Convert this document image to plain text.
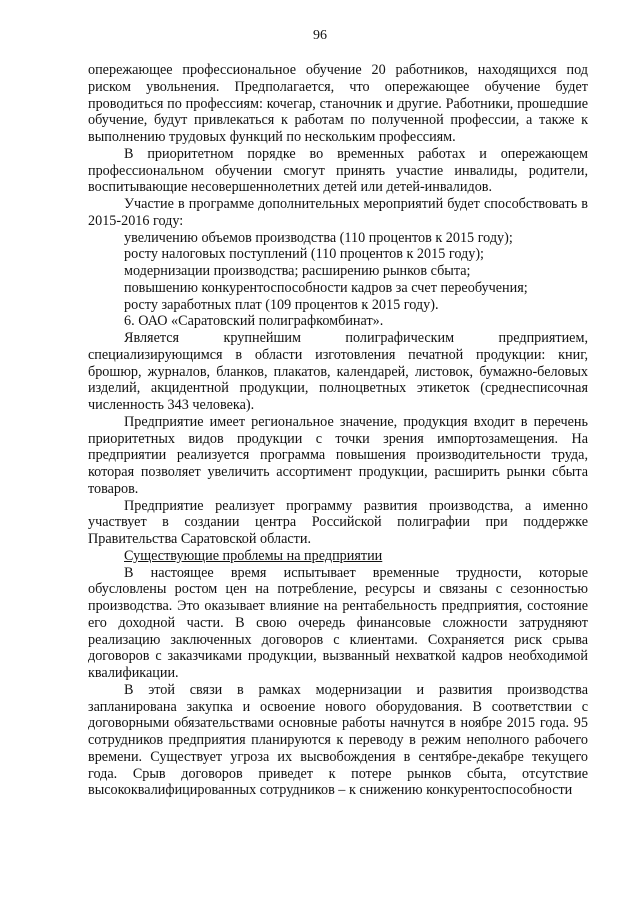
96

опережающее профессиональное обучение 20 работников, находящихся под риском увольнения. Предполагается, что опережающее обучение будет проводиться по профессиям: кочегар, станочник и другие. Работники, прошедшие обучение, будут привлекаться к работам по полученной профессии, а также к выполнению трудовых функций по нескольким профессиям.

В приоритетном порядке во временных работах и опережающем профессиональном обучении смогут принять участие инвалиды, родители, воспитывающие несовершеннолетних детей или детей-инвалидов.

Участие в программе дополнительных мероприятий будет способствовать в 2015-2016 году:

увеличению объемов производства (110 процентов к 2015 году);

росту налоговых поступлений (110 процентов к 2015 году);

модернизации производства; расширению рынков сбыта;

повышению конкурентоспособности кадров за счет переобучения;

росту заработных плат (109 процентов к 2015 году).

6. ОАО «Саратовский полиграфкомбинат».

Является крупнейшим полиграфическим предприятием, специализирующимся в области изготовления печатной продукции: книг, брошюр, журналов, бланков, плакатов, календарей, листовок, бумажно-беловых изделий, акцидентной продукции, полноцветных этикеток (среднесписочная численность 343 человека).

Предприятие имеет региональное значение, продукция входит в перечень приоритетных видов продукции с точки зрения импортозамещения. На предприятии реализуется программа повышения производительности труда, которая позволяет увеличить ассортимент продукции, расширить рынки сбыта товаров.

Предприятие реализует программу развития производства, а именно участвует в создании центра Российской полиграфии при поддержке Правительства Саратовской области.

Существующие проблемы на предприятии

В настоящее время испытывает временные трудности, которые обусловлены ростом цен на потребление, ресурсы и связаны с сезонностью производства. Это оказывает влияние на рентабельность предприятия, состояние его доходной части. В свою очередь финансовые сложности затрудняют реализацию заключенных договоров с клиентами. Сохраняется риск срыва договоров с заказчиками продукции, вызванный нехваткой кадров необходимой квалификации.

В этой связи в рамках модернизации и развития производства запланирована закупка и освоение нового оборудования. В соответствии с договорными обязательствами основные работы начнутся в ноябре 2015 года. 95 сотрудников предприятия планируются к переводу в режим неполного рабочего времени. Существует угроза их высвобождения в сентябре-декабре текущего года. Срыв договоров приведет к потере рынков сбыта, отсутствие высококвалифицированных сотрудников – к снижению конкурентоспособности
